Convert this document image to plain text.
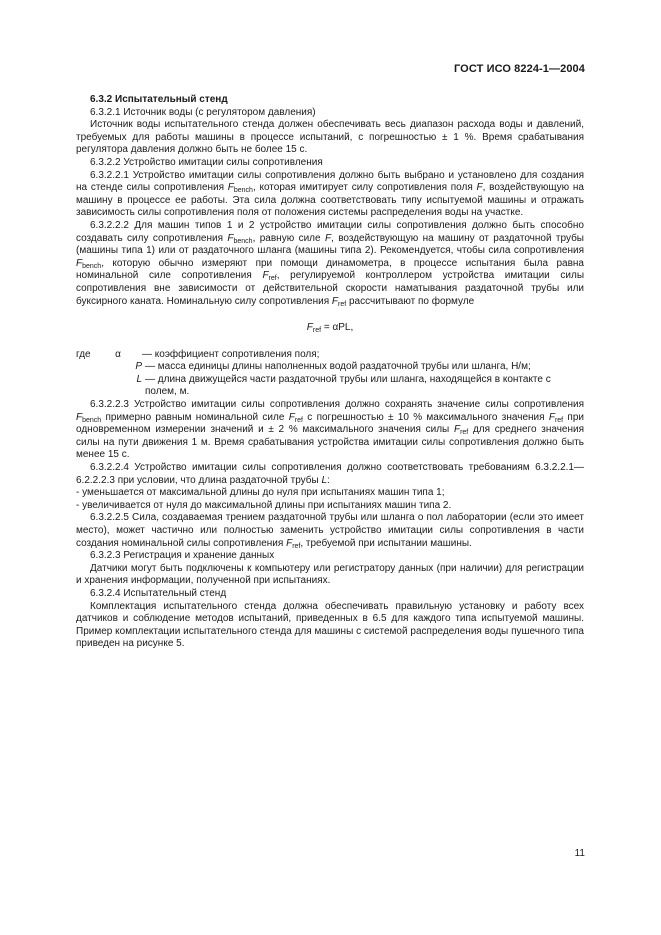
ГОСТ ИСО 8224-1—2004

6.3.2 Испытательный стенд

6.3.2.1 Источник воды (с регулятором давления)

Источник воды испытательного стенда должен обеспечивать весь диапазон расхода воды и давлений, требуемых для работы машины в процессе испытаний, с погрешностью ± 1 %. Время срабатывания регулятора давления должно быть не более 15 с.

6.3.2.2 Устройство имитации силы сопротивления

6.3.2.2.1 Устройство имитации силы сопротивления должно быть выбрано и установлено для создания на стенде силы сопротивления $F_{bench}$, которая имитирует силу сопротивления поля F, воздействующую на машину в процессе ее работы. Эта сила должна соответствовать типу испытуемой машины и отражать зависимость силы сопротивления поля от положения системы распределения воды на участке.

6.3.2.2.2 Для машин типов 1 и 2 устройство имитации силы сопротивления должно быть способно создавать силу сопротивления $F_{bench}$, равную силе F, воздействующую на машину от раздаточной трубы (машины типа 1) или от раздаточного шланга (машины типа 2). Рекомендуется, чтобы сила сопротивления $F_{bench}$, которую обычно измеряют при помощи динамометра, в процессе испытания была равна номинальной силе сопротивления $F_{ref}$, регулируемой контроллером устройства имитации силы сопротивления вне зависимости от действительной скорости наматывания раздаточной трубы или буксирного каната. Номинальную силу сопротивления $F_{ref}$ рассчитывают по формуле

$F_{ref} = \alpha PL$,

где	α	— коэффициент сопротивления поля;
P — масса единицы длины наполненных водой раздаточной трубы или шланга, Н/м;
L — длина движущейся части раздаточной трубы или шланга, находящейся в контакте с полем, м.

6.3.2.2.3 Устройство имитации силы сопротивления должно сохранять значение силы сопротивления $F_{bench}$ примерно равным номинальной силе $F_{ref}$ с погрешностью ± 10 % максимального значения $F_{ref}$ при одновременном измерении значений и ± 2 % максимального значения силы $F_{ref}$ для среднего значения силы на пути движения 1 м. Время срабатывания устройства имитации силы сопротивления должно быть менее 15 с.

6.3.2.2.4 Устройство имитации силы сопротивления должно соответствовать требованиям 6.3.2.2.1—6.2.2.2.3 при условии, что длина раздаточной трубы L:

- уменьшается от максимальной длины до нуля при испытаниях машин типа 1;

- увеличивается от нуля до максимальной длины при испытаниях машин типа 2.

6.3.2.2.5 Сила, создаваемая трением раздаточной трубы или шланга о пол лаборатории (если это имеет место), может частично или полностью заменить устройство имитации силы сопротивления в части создания номинальной силы сопротивления $F_{ref}$, требуемой при испытании машины.

6.3.2.3 Регистрация и хранение данных

Датчики могут быть подключены к компьютеру или регистратору данных (при наличии) для регистрации и хранения информации, полученной при испытаниях.

6.3.2.4 Испытательный стенд

Комплектация испытательного стенда должна обеспечивать правильную установку и работу всех датчиков и соблюдение методов испытаний, приведенных в 6.5 для каждого типа испытуемой машины. Пример комплектации испытательного стенда для машины с системой распределения воды пушечного типа приведен на рисунке 5.

11
